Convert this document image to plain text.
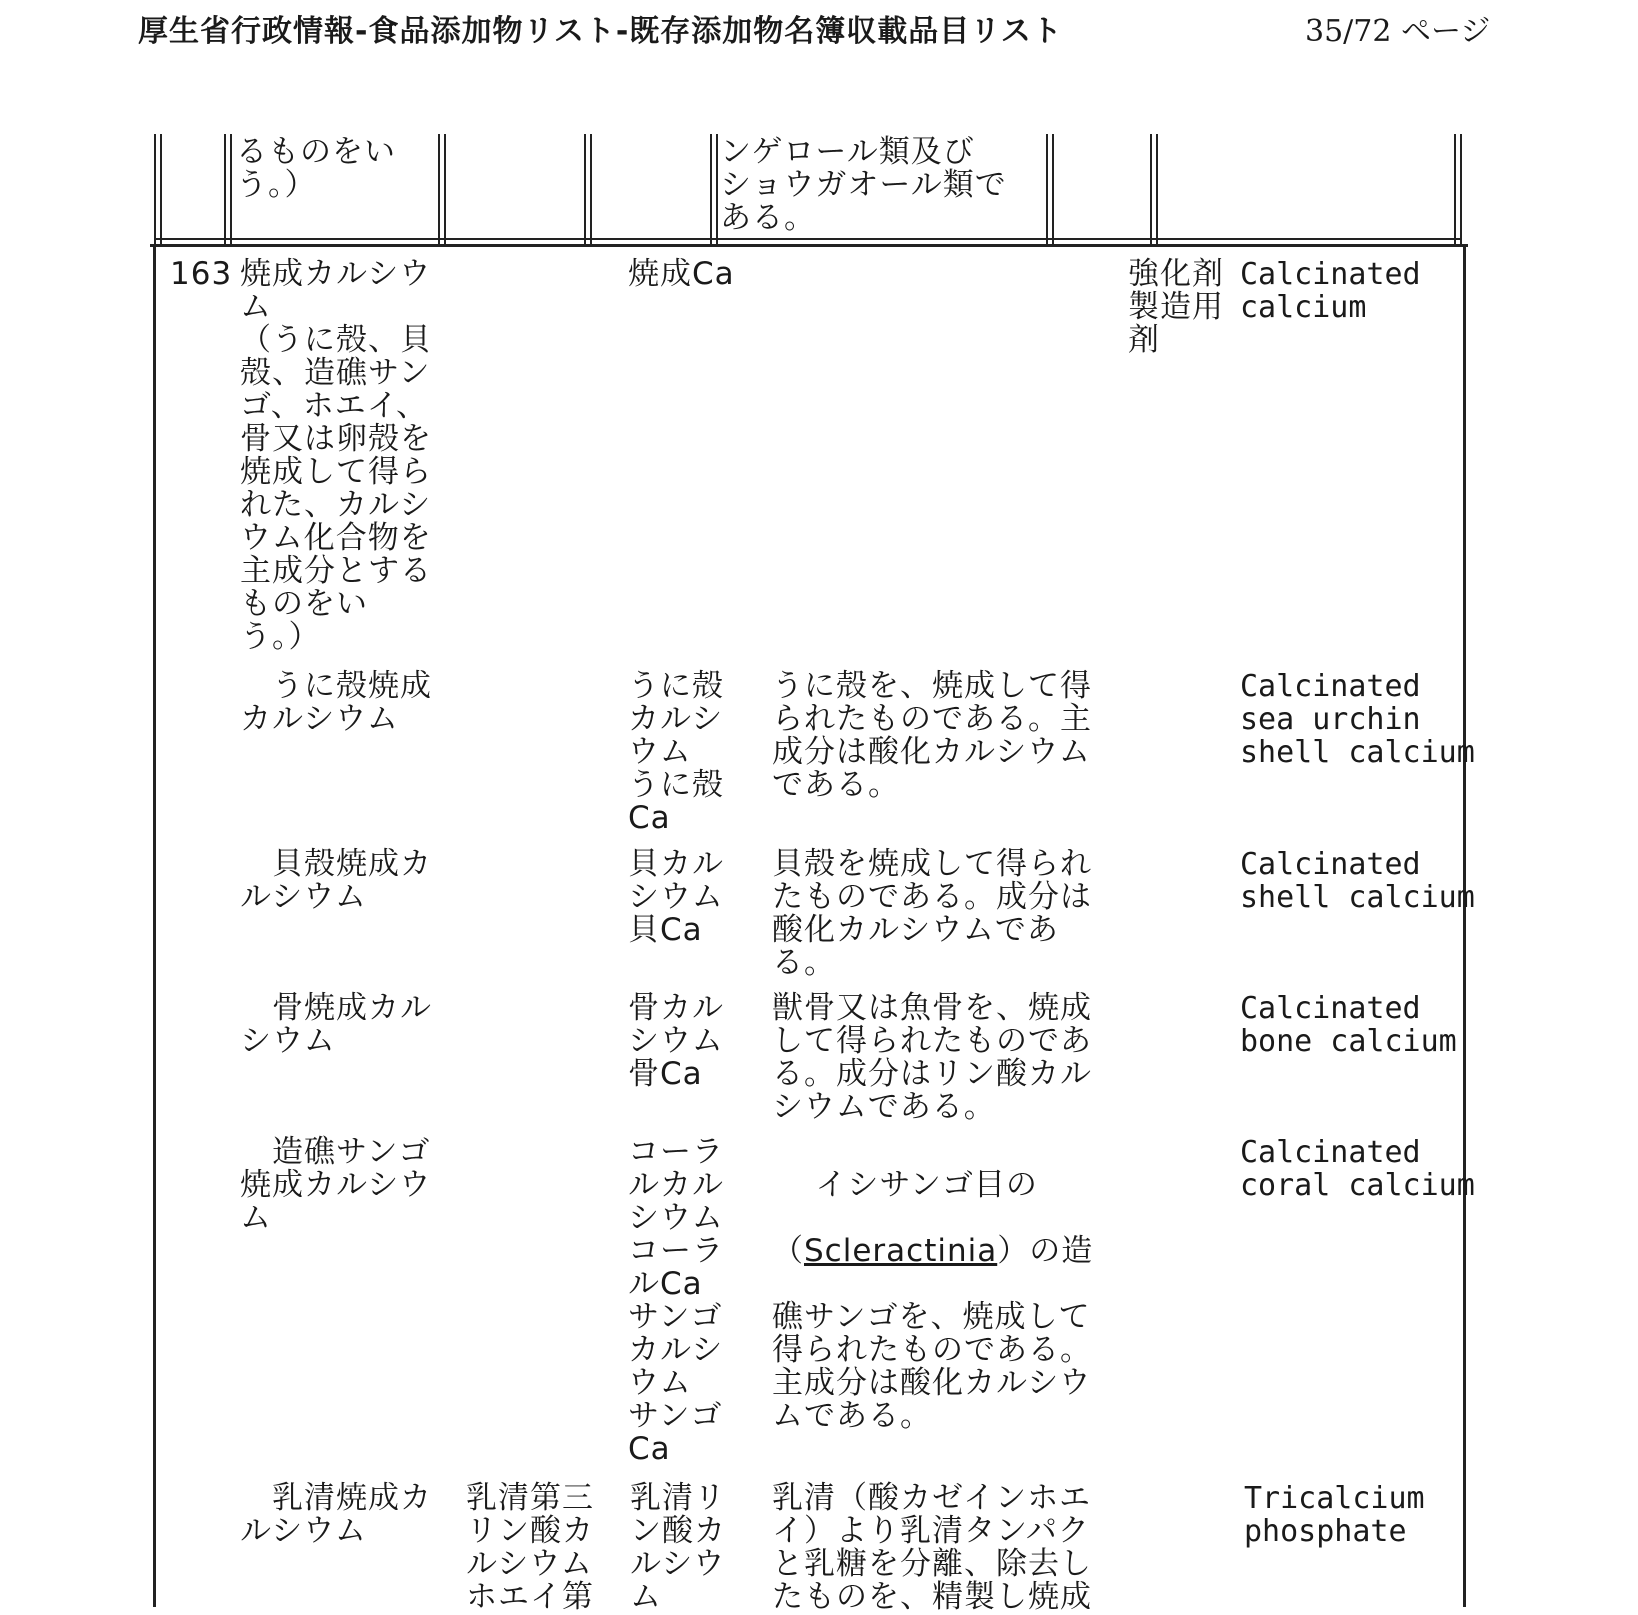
厚生省行政情報-食品添加物リスト-既存添加物名簿収載品目リスト	35/72 ページ
るものをい
う。）
ンゲロール類及び
ショウガオール類で
ある。
163 焼成カルシウ
ム
（うに殻、貝
殻、造礁サン
ゴ、ホエイ、
骨又は卵殻を
焼成して得ら
れた、カルシ
ウム化合物を
主成分とする
ものをい
う。）
焼成Ca	強化剤
製造用
剤
Calcinated
calcium
　うに殻焼成
カルシウム
うに殻
カルシ
ウム
うに殻
Ca
うに殻を、焼成して得
られたものである。主
成分は酸化カルシウム
である。
Calcinated
sea urchin
shell calcium
　貝殻焼成カ
ルシウム
貝カル
シウム
貝Ca
貝殻を焼成して得られ
たものである。成分は
酸化カルシウムであ
る。
Calcinated
shell calcium
　骨焼成カル
シウム
骨カル
シウム
骨Ca
獣骨又は魚骨を、焼成
して得られたものであ
る。成分はリン酸カル
シウムである。
Calcinated
bone calcium
　造礁サンゴ
焼成カルシウ
ム
コーラ
ルカル
シウム
コーラ
ルCa
サンゴ
カルシ
ウム
サンゴ
Ca

イシサンゴ目の

（Scleractinia）の造

礁サンゴを、焼成して
得られたものである。
主成分は酸化カルシウ
ムである。

Calcinated
coral calcium
　乳清焼成カ
ルシウム
乳清第三
リン酸カ
ルシウム
ホエイ第
乳清リ
ン酸カ
ルシウ
ム
乳清（酸カゼインホエ
イ）より乳清タンパク
と乳糖を分離、除去し
たものを、精製し焼成
Tricalcium
phosphate
